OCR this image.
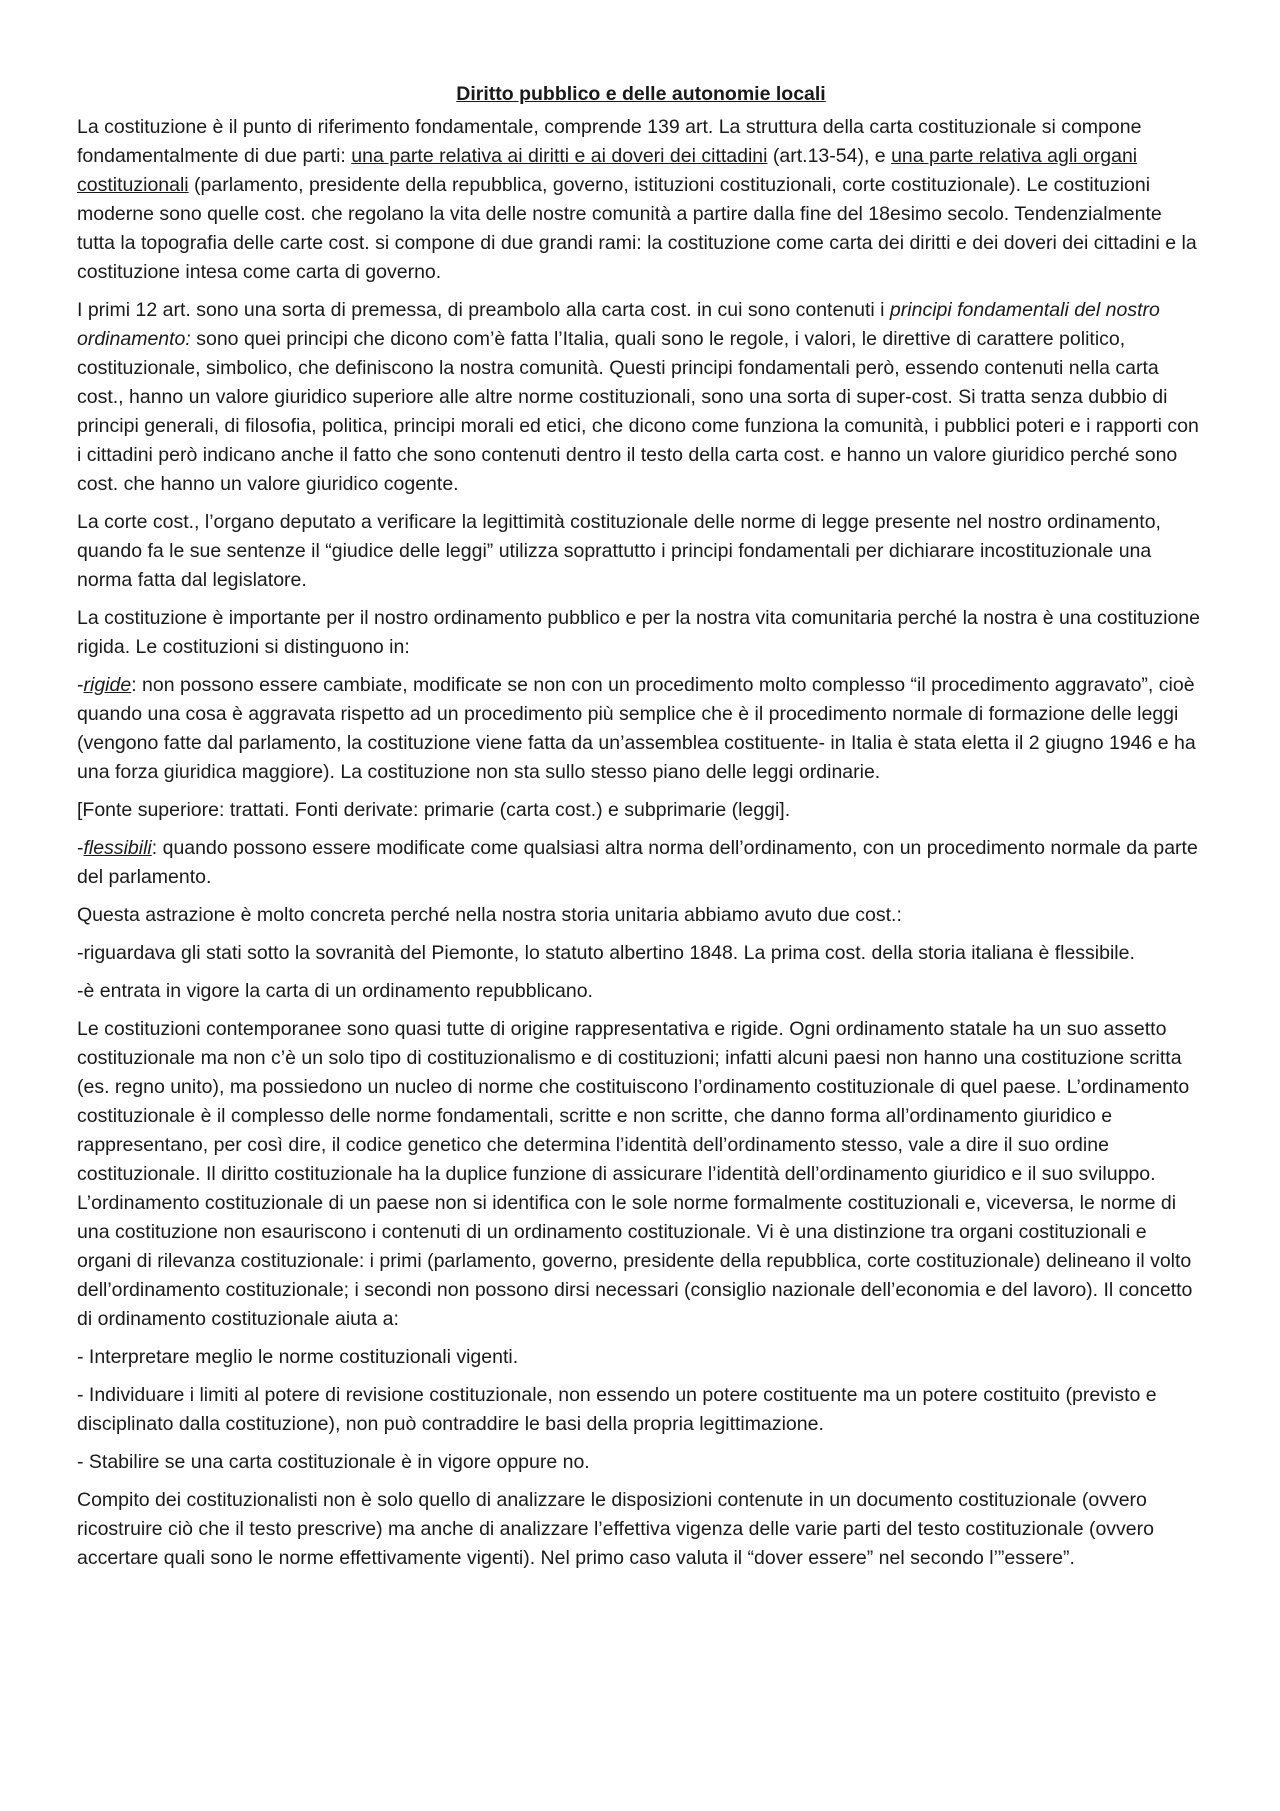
Diritto pubblico e delle autonomie locali

La costituzione è il punto di riferimento fondamentale, comprende 139 art. La struttura della carta costituzionale si compone fondamentalmente di due parti: una parte relativa ai diritti e ai doveri dei cittadini (art.13-54), e una parte relativa agli organi costituzionali (parlamento, presidente della repubblica, governo, istituzioni costituzionali, corte costituzionale). Le costituzioni moderne sono quelle cost. che regolano la vita delle nostre comunità a partire dalla fine del 18esimo secolo. Tendenzialmente tutta la topografia delle carte cost. si compone di due grandi rami: la costituzione come carta dei diritti e dei doveri dei cittadini e la costituzione intesa come carta di governo.

I primi 12 art. sono una sorta di premessa, di preambolo alla carta cost. in cui sono contenuti i principi fondamentali del nostro ordinamento: sono quei principi che dicono com’è fatta l’Italia, quali sono le regole, i valori, le direttive di carattere politico, costituzionale, simbolico, che definiscono la nostra comunità. Questi principi fondamentali però, essendo contenuti nella carta cost., hanno un valore giuridico superiore alle altre norme costituzionali, sono una sorta di super-cost. Si tratta senza dubbio di principi generali, di filosofia, politica, principi morali ed etici, che dicono come funziona la comunità, i pubblici poteri e i rapporti con i cittadini però indicano anche il fatto che sono contenuti dentro il testo della carta cost. e hanno un valore giuridico perché sono cost. che hanno un valore giuridico cogente.

La corte cost., l’organo deputato a verificare la legittimità costituzionale delle norme di legge presente nel nostro ordinamento, quando fa le sue sentenze il “giudice delle leggi” utilizza soprattutto i principi fondamentali per dichiarare incostituzionale una norma fatta dal legislatore.

La costituzione è importante per il nostro ordinamento pubblico e per la nostra vita comunitaria perché la nostra è una costituzione rigida. Le costituzioni si distinguono in:

-rigide: non possono essere cambiate, modificate se non con un procedimento molto complesso “il procedimento aggravato”, cioè quando una cosa è aggravata rispetto ad un procedimento più semplice che è il procedimento normale di formazione delle leggi (vengono fatte dal parlamento, la costituzione viene fatta da un’assemblea costituente- in Italia è stata eletta il 2 giugno 1946 e ha una forza giuridica maggiore). La costituzione non sta sullo stesso piano delle leggi ordinarie.

[Fonte superiore: trattati. Fonti derivate: primarie (carta cost.) e subprimarie (leggi].

-flessibili: quando possono essere modificate come qualsiasi altra norma dell’ordinamento, con un procedimento normale da parte del parlamento.

Questa astrazione è molto concreta perché nella nostra storia unitaria abbiamo avuto due cost.:

-riguardava gli stati sotto la sovranità del Piemonte, lo statuto albertino 1848. La prima cost. della storia italiana è flessibile.

-è entrata in vigore la carta di un ordinamento repubblicano.

Le costituzioni contemporanee sono quasi tutte di origine rappresentativa e rigide. Ogni ordinamento statale ha un suo assetto costituzionale ma non c’è un solo tipo di costituzionalismo e di costituzioni; infatti alcuni paesi non hanno una costituzione scritta (es. regno unito), ma possiedono un nucleo di norme che costituiscono l’ordinamento costituzionale di quel paese. L’ordinamento costituzionale è il complesso delle norme fondamentali, scritte e non scritte, che danno forma all’ordinamento giuridico e rappresentano, per così dire, il codice genetico che determina l’identità dell’ordinamento stesso, vale a dire il suo ordine costituzionale. Il diritto costituzionale ha la duplice funzione di assicurare l’identità dell’ordinamento giuridico e il suo sviluppo. L’ordinamento costituzionale di un paese non si identifica con le sole norme formalmente costituzionali e, viceversa, le norme di una costituzione non esauriscono i contenuti di un ordinamento costituzionale. Vi è una distinzione tra organi costituzionali e organi di rilevanza costituzionale: i primi (parlamento, governo, presidente della repubblica, corte costituzionale) delineano il volto dell’ordinamento costituzionale; i secondi non possono dirsi necessari (consiglio nazionale dell’economia e del lavoro). Il concetto di ordinamento costituzionale aiuta a:

- Interpretare meglio le norme costituzionali vigenti.

- Individuare i limiti al potere di revisione costituzionale, non essendo un potere costituente ma un potere costituito (previsto e disciplinato dalla costituzione), non può contraddire le basi della propria legittimazione.

- Stabilire se una carta costituzionale è in vigore oppure no.

Compito dei costituzionalisti non è solo quello di analizzare le disposizioni contenute in un documento costituzionale (ovvero ricostruire ciò che il testo prescrive) ma anche di analizzare l’effettiva vigenza delle varie parti del testo costituzionale (ovvero accertare quali sono le norme effettivamente vigenti). Nel primo caso valuta il “dover essere” nel secondo l’”essere”.
